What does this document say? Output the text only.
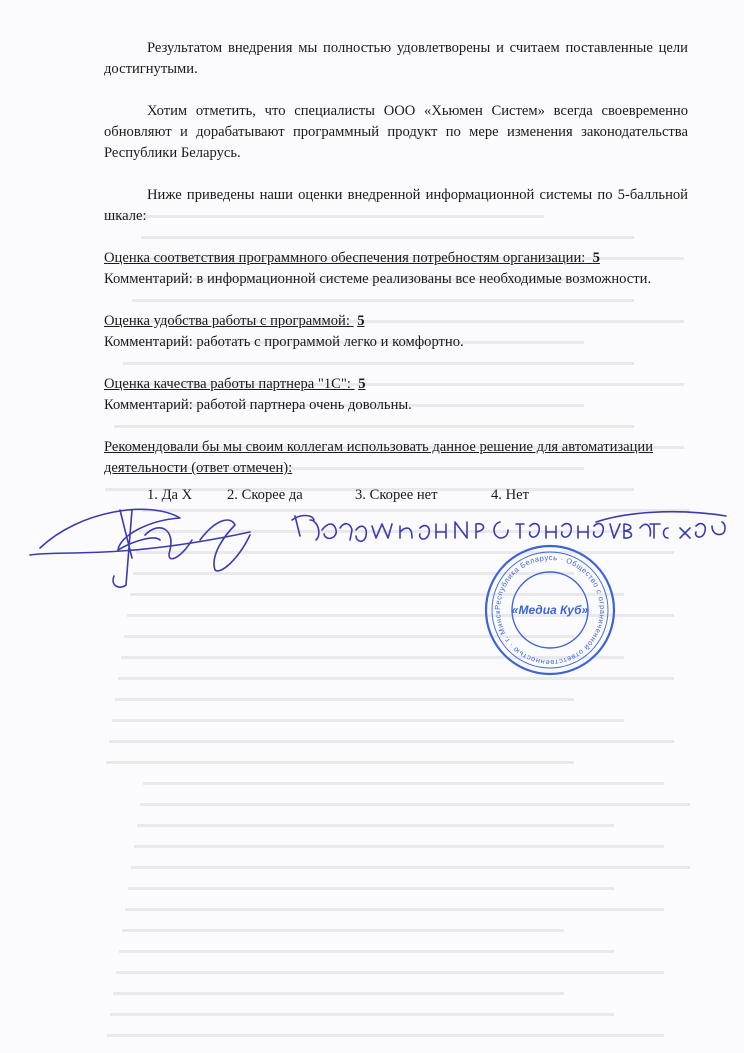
Результатом внедрения мы полностью удовлетворены и считаем поставленные цели достигнутыми.

Хотим отметить, что специалисты ООО «Хьюмен Систем» всегда своевременно обновляют и дорабатывают программный продукт по мере изменения законодательства Республики Беларусь.

Ниже приведены наши оценки внедренной информационной системы по 5-балльной шкале:

Оценка соответствия программного обеспечения потребностям организации: 5
Комментарий: в информационной системе реализованы все необходимые возможности.
Оценка удобства работы с программой: 5
Комментарий: работать с программой легко и комфортно.
Оценка качества работы партнера "1С": 5
Комментарий: работой партнера очень довольны.
Рекомендовали бы мы своим коллегам использовать данное решение для автоматизации деятельности (ответ отмечен):
1. Да Х	2. Скорее да	3. Скорее нет	4. Нет
Республика Беларусь · Общество с ограниченной ответственностью · г. Минск «Медиа Куб»
